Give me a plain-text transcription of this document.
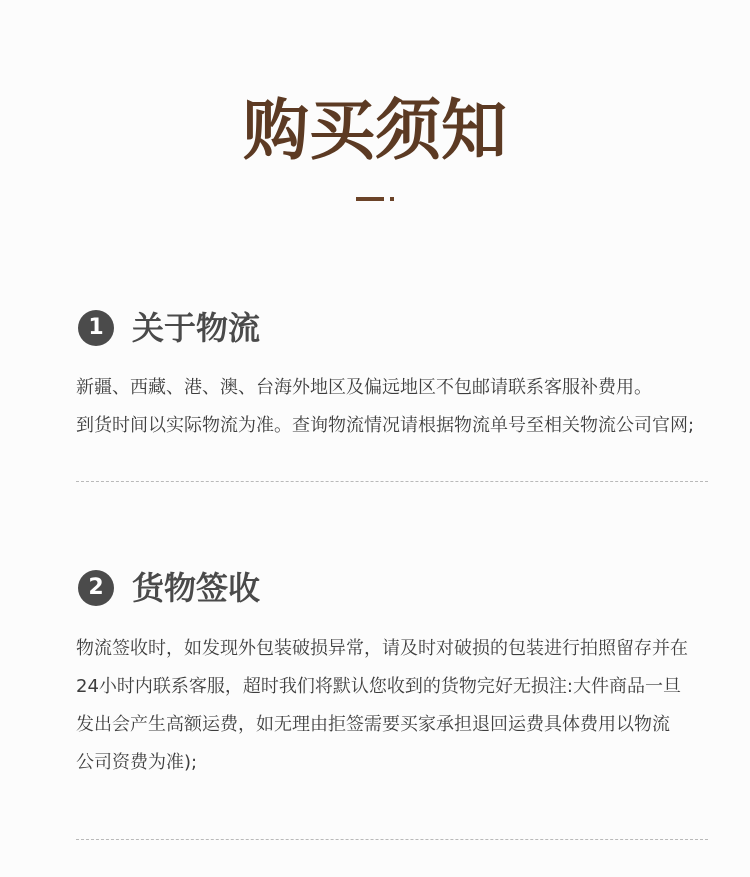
购买须知
1 关于物流
新疆、西藏、港、澳、台海外地区及偏远地区不包邮请联系客服补费用。
到货时间以实际物流为准。查询物流情况请根据物流单号至相关物流公司官网;
2 货物签收
物流签收时，如发现外包装破损异常，请及时对破损的包装进行拍照留存并在
24小时内联系客服，超时我们将默认您收到的货物完好无损注:大件商品一旦
发出会产生高额运费，如无理由拒签需要买家承担退回运费具体费用以物流
公司资费为准);
